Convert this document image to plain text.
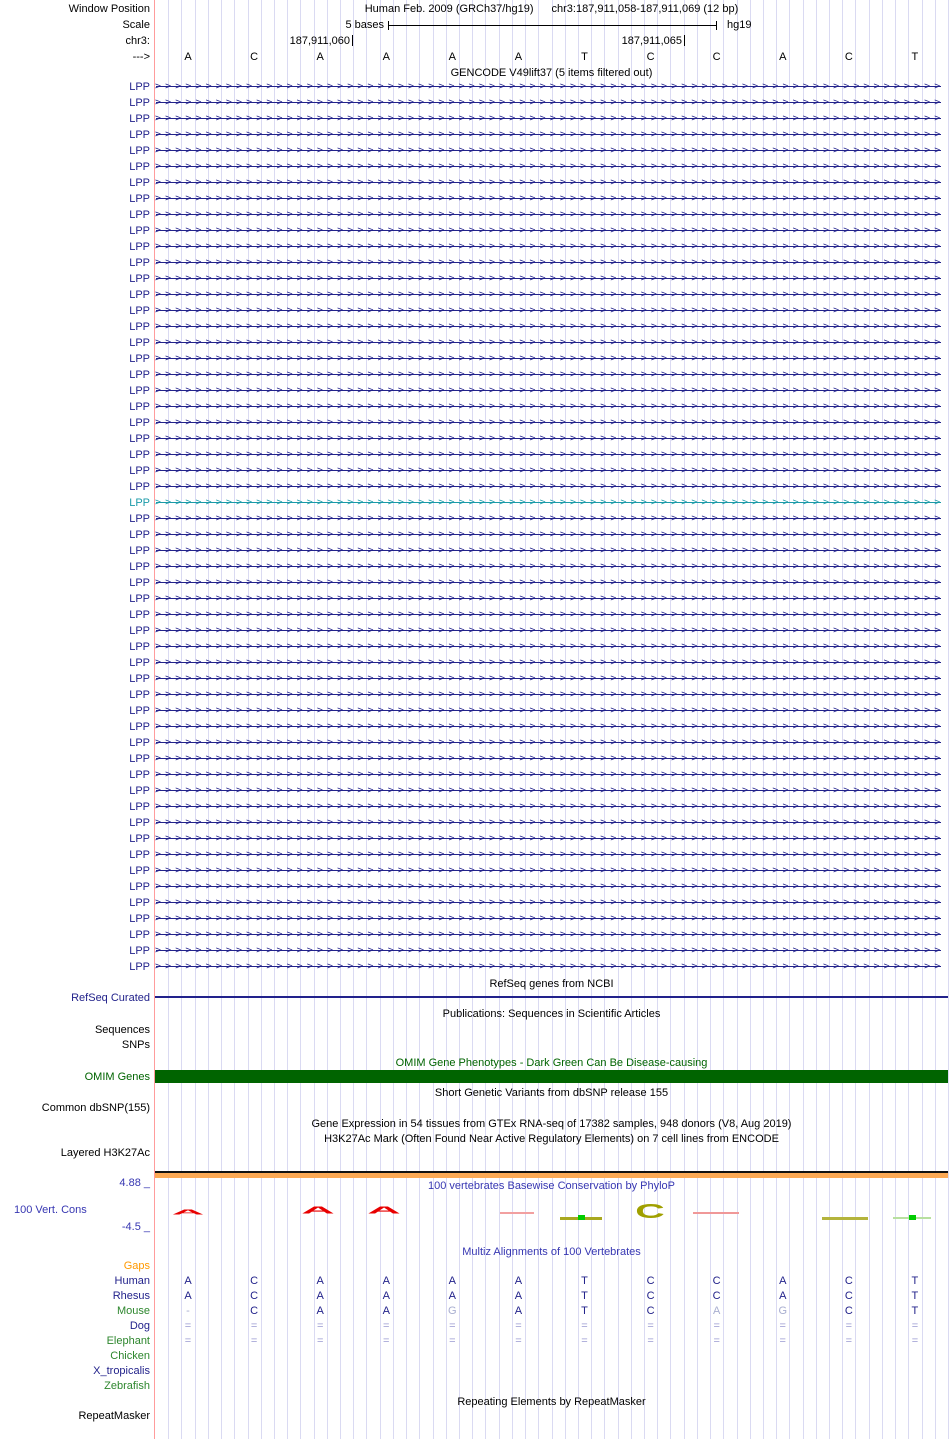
Window Position	Human Feb. 2009 (GRCh37/hg19) chr3:187,911,058-187,911,069 (12 bp)
Scale	5 bases	hg19
chr3:	187,911,060	187,911,065
--->	A	C	A	A	A	A	T	C	C	A	C	T
GENCODE V49lift37 (5 items filtered out)
LPP >>>>>>>>>>>>>>>>>>>>>>>>>>>>>>>>>>>>>>>>>>>>>>>>>>>>>>>>>>>>>>>>>>>>>>>>>>>>>>
LPP >>>>>>>>>>>>>>>>>>>>>>>>>>>>>>>>>>>>>>>>>>>>>>>>>>>>>>>>>>>>>>>>>>>>>>>>>>>>>>
LPP >>>>>>>>>>>>>>>>>>>>>>>>>>>>>>>>>>>>>>>>>>>>>>>>>>>>>>>>>>>>>>>>>>>>>>>>>>>>>>
LPP >>>>>>>>>>>>>>>>>>>>>>>>>>>>>>>>>>>>>>>>>>>>>>>>>>>>>>>>>>>>>>>>>>>>>>>>>>>>>>
LPP >>>>>>>>>>>>>>>>>>>>>>>>>>>>>>>>>>>>>>>>>>>>>>>>>>>>>>>>>>>>>>>>>>>>>>>>>>>>>>
LPP >>>>>>>>>>>>>>>>>>>>>>>>>>>>>>>>>>>>>>>>>>>>>>>>>>>>>>>>>>>>>>>>>>>>>>>>>>>>>>
LPP >>>>>>>>>>>>>>>>>>>>>>>>>>>>>>>>>>>>>>>>>>>>>>>>>>>>>>>>>>>>>>>>>>>>>>>>>>>>>>
LPP >>>>>>>>>>>>>>>>>>>>>>>>>>>>>>>>>>>>>>>>>>>>>>>>>>>>>>>>>>>>>>>>>>>>>>>>>>>>>>
LPP >>>>>>>>>>>>>>>>>>>>>>>>>>>>>>>>>>>>>>>>>>>>>>>>>>>>>>>>>>>>>>>>>>>>>>>>>>>>>>
LPP >>>>>>>>>>>>>>>>>>>>>>>>>>>>>>>>>>>>>>>>>>>>>>>>>>>>>>>>>>>>>>>>>>>>>>>>>>>>>>
LPP >>>>>>>>>>>>>>>>>>>>>>>>>>>>>>>>>>>>>>>>>>>>>>>>>>>>>>>>>>>>>>>>>>>>>>>>>>>>>>
LPP >>>>>>>>>>>>>>>>>>>>>>>>>>>>>>>>>>>>>>>>>>>>>>>>>>>>>>>>>>>>>>>>>>>>>>>>>>>>>>
LPP >>>>>>>>>>>>>>>>>>>>>>>>>>>>>>>>>>>>>>>>>>>>>>>>>>>>>>>>>>>>>>>>>>>>>>>>>>>>>>
LPP >>>>>>>>>>>>>>>>>>>>>>>>>>>>>>>>>>>>>>>>>>>>>>>>>>>>>>>>>>>>>>>>>>>>>>>>>>>>>>
LPP >>>>>>>>>>>>>>>>>>>>>>>>>>>>>>>>>>>>>>>>>>>>>>>>>>>>>>>>>>>>>>>>>>>>>>>>>>>>>>
LPP >>>>>>>>>>>>>>>>>>>>>>>>>>>>>>>>>>>>>>>>>>>>>>>>>>>>>>>>>>>>>>>>>>>>>>>>>>>>>>
LPP >>>>>>>>>>>>>>>>>>>>>>>>>>>>>>>>>>>>>>>>>>>>>>>>>>>>>>>>>>>>>>>>>>>>>>>>>>>>>>
LPP >>>>>>>>>>>>>>>>>>>>>>>>>>>>>>>>>>>>>>>>>>>>>>>>>>>>>>>>>>>>>>>>>>>>>>>>>>>>>>
LPP >>>>>>>>>>>>>>>>>>>>>>>>>>>>>>>>>>>>>>>>>>>>>>>>>>>>>>>>>>>>>>>>>>>>>>>>>>>>>>
LPP >>>>>>>>>>>>>>>>>>>>>>>>>>>>>>>>>>>>>>>>>>>>>>>>>>>>>>>>>>>>>>>>>>>>>>>>>>>>>>
LPP >>>>>>>>>>>>>>>>>>>>>>>>>>>>>>>>>>>>>>>>>>>>>>>>>>>>>>>>>>>>>>>>>>>>>>>>>>>>>>
LPP >>>>>>>>>>>>>>>>>>>>>>>>>>>>>>>>>>>>>>>>>>>>>>>>>>>>>>>>>>>>>>>>>>>>>>>>>>>>>>
LPP >>>>>>>>>>>>>>>>>>>>>>>>>>>>>>>>>>>>>>>>>>>>>>>>>>>>>>>>>>>>>>>>>>>>>>>>>>>>>>
LPP >>>>>>>>>>>>>>>>>>>>>>>>>>>>>>>>>>>>>>>>>>>>>>>>>>>>>>>>>>>>>>>>>>>>>>>>>>>>>>
LPP >>>>>>>>>>>>>>>>>>>>>>>>>>>>>>>>>>>>>>>>>>>>>>>>>>>>>>>>>>>>>>>>>>>>>>>>>>>>>>
LPP >>>>>>>>>>>>>>>>>>>>>>>>>>>>>>>>>>>>>>>>>>>>>>>>>>>>>>>>>>>>>>>>>>>>>>>>>>>>>>
LPP >>>>>>>>>>>>>>>>>>>>>>>>>>>>>>>>>>>>>>>>>>>>>>>>>>>>>>>>>>>>>>>>>>>>>>>>>>>>>>
LPP >>>>>>>>>>>>>>>>>>>>>>>>>>>>>>>>>>>>>>>>>>>>>>>>>>>>>>>>>>>>>>>>>>>>>>>>>>>>>>
LPP >>>>>>>>>>>>>>>>>>>>>>>>>>>>>>>>>>>>>>>>>>>>>>>>>>>>>>>>>>>>>>>>>>>>>>>>>>>>>>
LPP >>>>>>>>>>>>>>>>>>>>>>>>>>>>>>>>>>>>>>>>>>>>>>>>>>>>>>>>>>>>>>>>>>>>>>>>>>>>>>
LPP >>>>>>>>>>>>>>>>>>>>>>>>>>>>>>>>>>>>>>>>>>>>>>>>>>>>>>>>>>>>>>>>>>>>>>>>>>>>>>
LPP >>>>>>>>>>>>>>>>>>>>>>>>>>>>>>>>>>>>>>>>>>>>>>>>>>>>>>>>>>>>>>>>>>>>>>>>>>>>>>
LPP >>>>>>>>>>>>>>>>>>>>>>>>>>>>>>>>>>>>>>>>>>>>>>>>>>>>>>>>>>>>>>>>>>>>>>>>>>>>>>
LPP >>>>>>>>>>>>>>>>>>>>>>>>>>>>>>>>>>>>>>>>>>>>>>>>>>>>>>>>>>>>>>>>>>>>>>>>>>>>>>
LPP >>>>>>>>>>>>>>>>>>>>>>>>>>>>>>>>>>>>>>>>>>>>>>>>>>>>>>>>>>>>>>>>>>>>>>>>>>>>>>
LPP >>>>>>>>>>>>>>>>>>>>>>>>>>>>>>>>>>>>>>>>>>>>>>>>>>>>>>>>>>>>>>>>>>>>>>>>>>>>>>
LPP >>>>>>>>>>>>>>>>>>>>>>>>>>>>>>>>>>>>>>>>>>>>>>>>>>>>>>>>>>>>>>>>>>>>>>>>>>>>>>
LPP >>>>>>>>>>>>>>>>>>>>>>>>>>>>>>>>>>>>>>>>>>>>>>>>>>>>>>>>>>>>>>>>>>>>>>>>>>>>>>
LPP >>>>>>>>>>>>>>>>>>>>>>>>>>>>>>>>>>>>>>>>>>>>>>>>>>>>>>>>>>>>>>>>>>>>>>>>>>>>>>
LPP >>>>>>>>>>>>>>>>>>>>>>>>>>>>>>>>>>>>>>>>>>>>>>>>>>>>>>>>>>>>>>>>>>>>>>>>>>>>>>
LPP >>>>>>>>>>>>>>>>>>>>>>>>>>>>>>>>>>>>>>>>>>>>>>>>>>>>>>>>>>>>>>>>>>>>>>>>>>>>>>
LPP >>>>>>>>>>>>>>>>>>>>>>>>>>>>>>>>>>>>>>>>>>>>>>>>>>>>>>>>>>>>>>>>>>>>>>>>>>>>>>
LPP >>>>>>>>>>>>>>>>>>>>>>>>>>>>>>>>>>>>>>>>>>>>>>>>>>>>>>>>>>>>>>>>>>>>>>>>>>>>>>
LPP >>>>>>>>>>>>>>>>>>>>>>>>>>>>>>>>>>>>>>>>>>>>>>>>>>>>>>>>>>>>>>>>>>>>>>>>>>>>>>
LPP >>>>>>>>>>>>>>>>>>>>>>>>>>>>>>>>>>>>>>>>>>>>>>>>>>>>>>>>>>>>>>>>>>>>>>>>>>>>>>
LPP >>>>>>>>>>>>>>>>>>>>>>>>>>>>>>>>>>>>>>>>>>>>>>>>>>>>>>>>>>>>>>>>>>>>>>>>>>>>>>
LPP >>>>>>>>>>>>>>>>>>>>>>>>>>>>>>>>>>>>>>>>>>>>>>>>>>>>>>>>>>>>>>>>>>>>>>>>>>>>>>
LPP >>>>>>>>>>>>>>>>>>>>>>>>>>>>>>>>>>>>>>>>>>>>>>>>>>>>>>>>>>>>>>>>>>>>>>>>>>>>>>
LPP >>>>>>>>>>>>>>>>>>>>>>>>>>>>>>>>>>>>>>>>>>>>>>>>>>>>>>>>>>>>>>>>>>>>>>>>>>>>>>
LPP >>>>>>>>>>>>>>>>>>>>>>>>>>>>>>>>>>>>>>>>>>>>>>>>>>>>>>>>>>>>>>>>>>>>>>>>>>>>>>
LPP >>>>>>>>>>>>>>>>>>>>>>>>>>>>>>>>>>>>>>>>>>>>>>>>>>>>>>>>>>>>>>>>>>>>>>>>>>>>>>
LPP >>>>>>>>>>>>>>>>>>>>>>>>>>>>>>>>>>>>>>>>>>>>>>>>>>>>>>>>>>>>>>>>>>>>>>>>>>>>>>
LPP >>>>>>>>>>>>>>>>>>>>>>>>>>>>>>>>>>>>>>>>>>>>>>>>>>>>>>>>>>>>>>>>>>>>>>>>>>>>>>
LPP >>>>>>>>>>>>>>>>>>>>>>>>>>>>>>>>>>>>>>>>>>>>>>>>>>>>>>>>>>>>>>>>>>>>>>>>>>>>>>
LPP >>>>>>>>>>>>>>>>>>>>>>>>>>>>>>>>>>>>>>>>>>>>>>>>>>>>>>>>>>>>>>>>>>>>>>>>>>>>>>
LPP >>>>>>>>>>>>>>>>>>>>>>>>>>>>>>>>>>>>>>>>>>>>>>>>>>>>>>>>>>>>>>>>>>>>>>>>>>>>>>
RefSeq genes from NCBI
RefSeq Curated
Publications: Sequences in Scientific Articles
Sequences
SNPs
OMIM Gene Phenotypes - Dark Green Can Be Disease-causing
OMIM Genes
Short Genetic Variants from dbSNP release 155
Common dbSNP(155)
Gene Expression in 54 tissues from GTEx RNA-seq of 17382 samples, 948 donors (V8, Aug 2019)
H3K27Ac Mark (Often Found Near Active Regulatory Elements) on 7 cell lines from ENCODE
Layered H3K27Ac
4.88 _	100 vertebrates Basewise Conservation by PhyloP
100 Vert. Cons
-4.5 _
A	A A	C
Multiz Alignments of 100 Vertebrates
Gaps
Human	A	C	A	A	A	A	T	C	C	A	C	T
Rhesus	A	C	A	A	A	A	T	C	C	A	C	T
Mouse	-	C	A	A	G	A	T	C	A	G	C	T
Dog	=	=	=	=	=	=	=	=	=	=	=	=
Elephant	=	=	=	=	=	=	=	=	=	=	=	=
Chicken
X_tropicalis
Zebrafish
Repeating Elements by RepeatMasker
RepeatMasker
